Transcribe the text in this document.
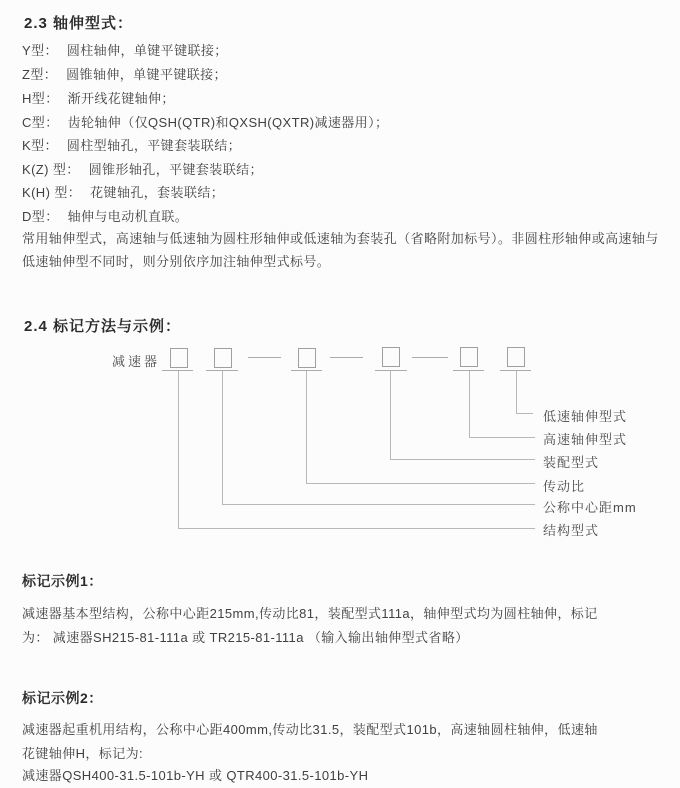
2.3 轴伸型式：
Y型： 圆柱轴伸，单键平键联接；
Z型： 圆锥轴伸，单键平键联接；
H型： 渐开线花键轴伸；
C型： 齿轮轴伸（仅QSH(QTR)和QXSH(QXTR)减速器用）；
K型： 圆柱型轴孔，平键套装联结；
K(Z) 型： 圆锥形轴孔，平键套装联结；
K(H) 型： 花键轴孔，套装联结；
D型： 轴伸与电动机直联。
常用轴伸型式，高速轴与低速轴为圆柱形轴伸或低速轴为套装孔（省略附加标号）。非圆柱形轴伸或高速轴与
低速轴伸型不同时，则分别依序加注轴伸型式标号。
2.4 标记方法与示例：
减速器
低速轴伸型式
高速轴伸型式
装配型式
传动比
公称中心距mm
结构型式
标记示例1：
减速器基本型结构，公称中心距215mm,传动比81，装配型式111a，轴伸型式均为圆柱轴伸，标记
为： 减速器SH215-81-111a 或 TR215-81-111a （输入输出轴伸型式省略）
标记示例2：
减速器起重机用结构，公称中心距400mm,传动比31.5，装配型式101b，高速轴圆柱轴伸，低速轴
花键轴伸H，标记为:
减速器QSH400-31.5-101b-YH 或 QTR400-31.5-101b-YH
